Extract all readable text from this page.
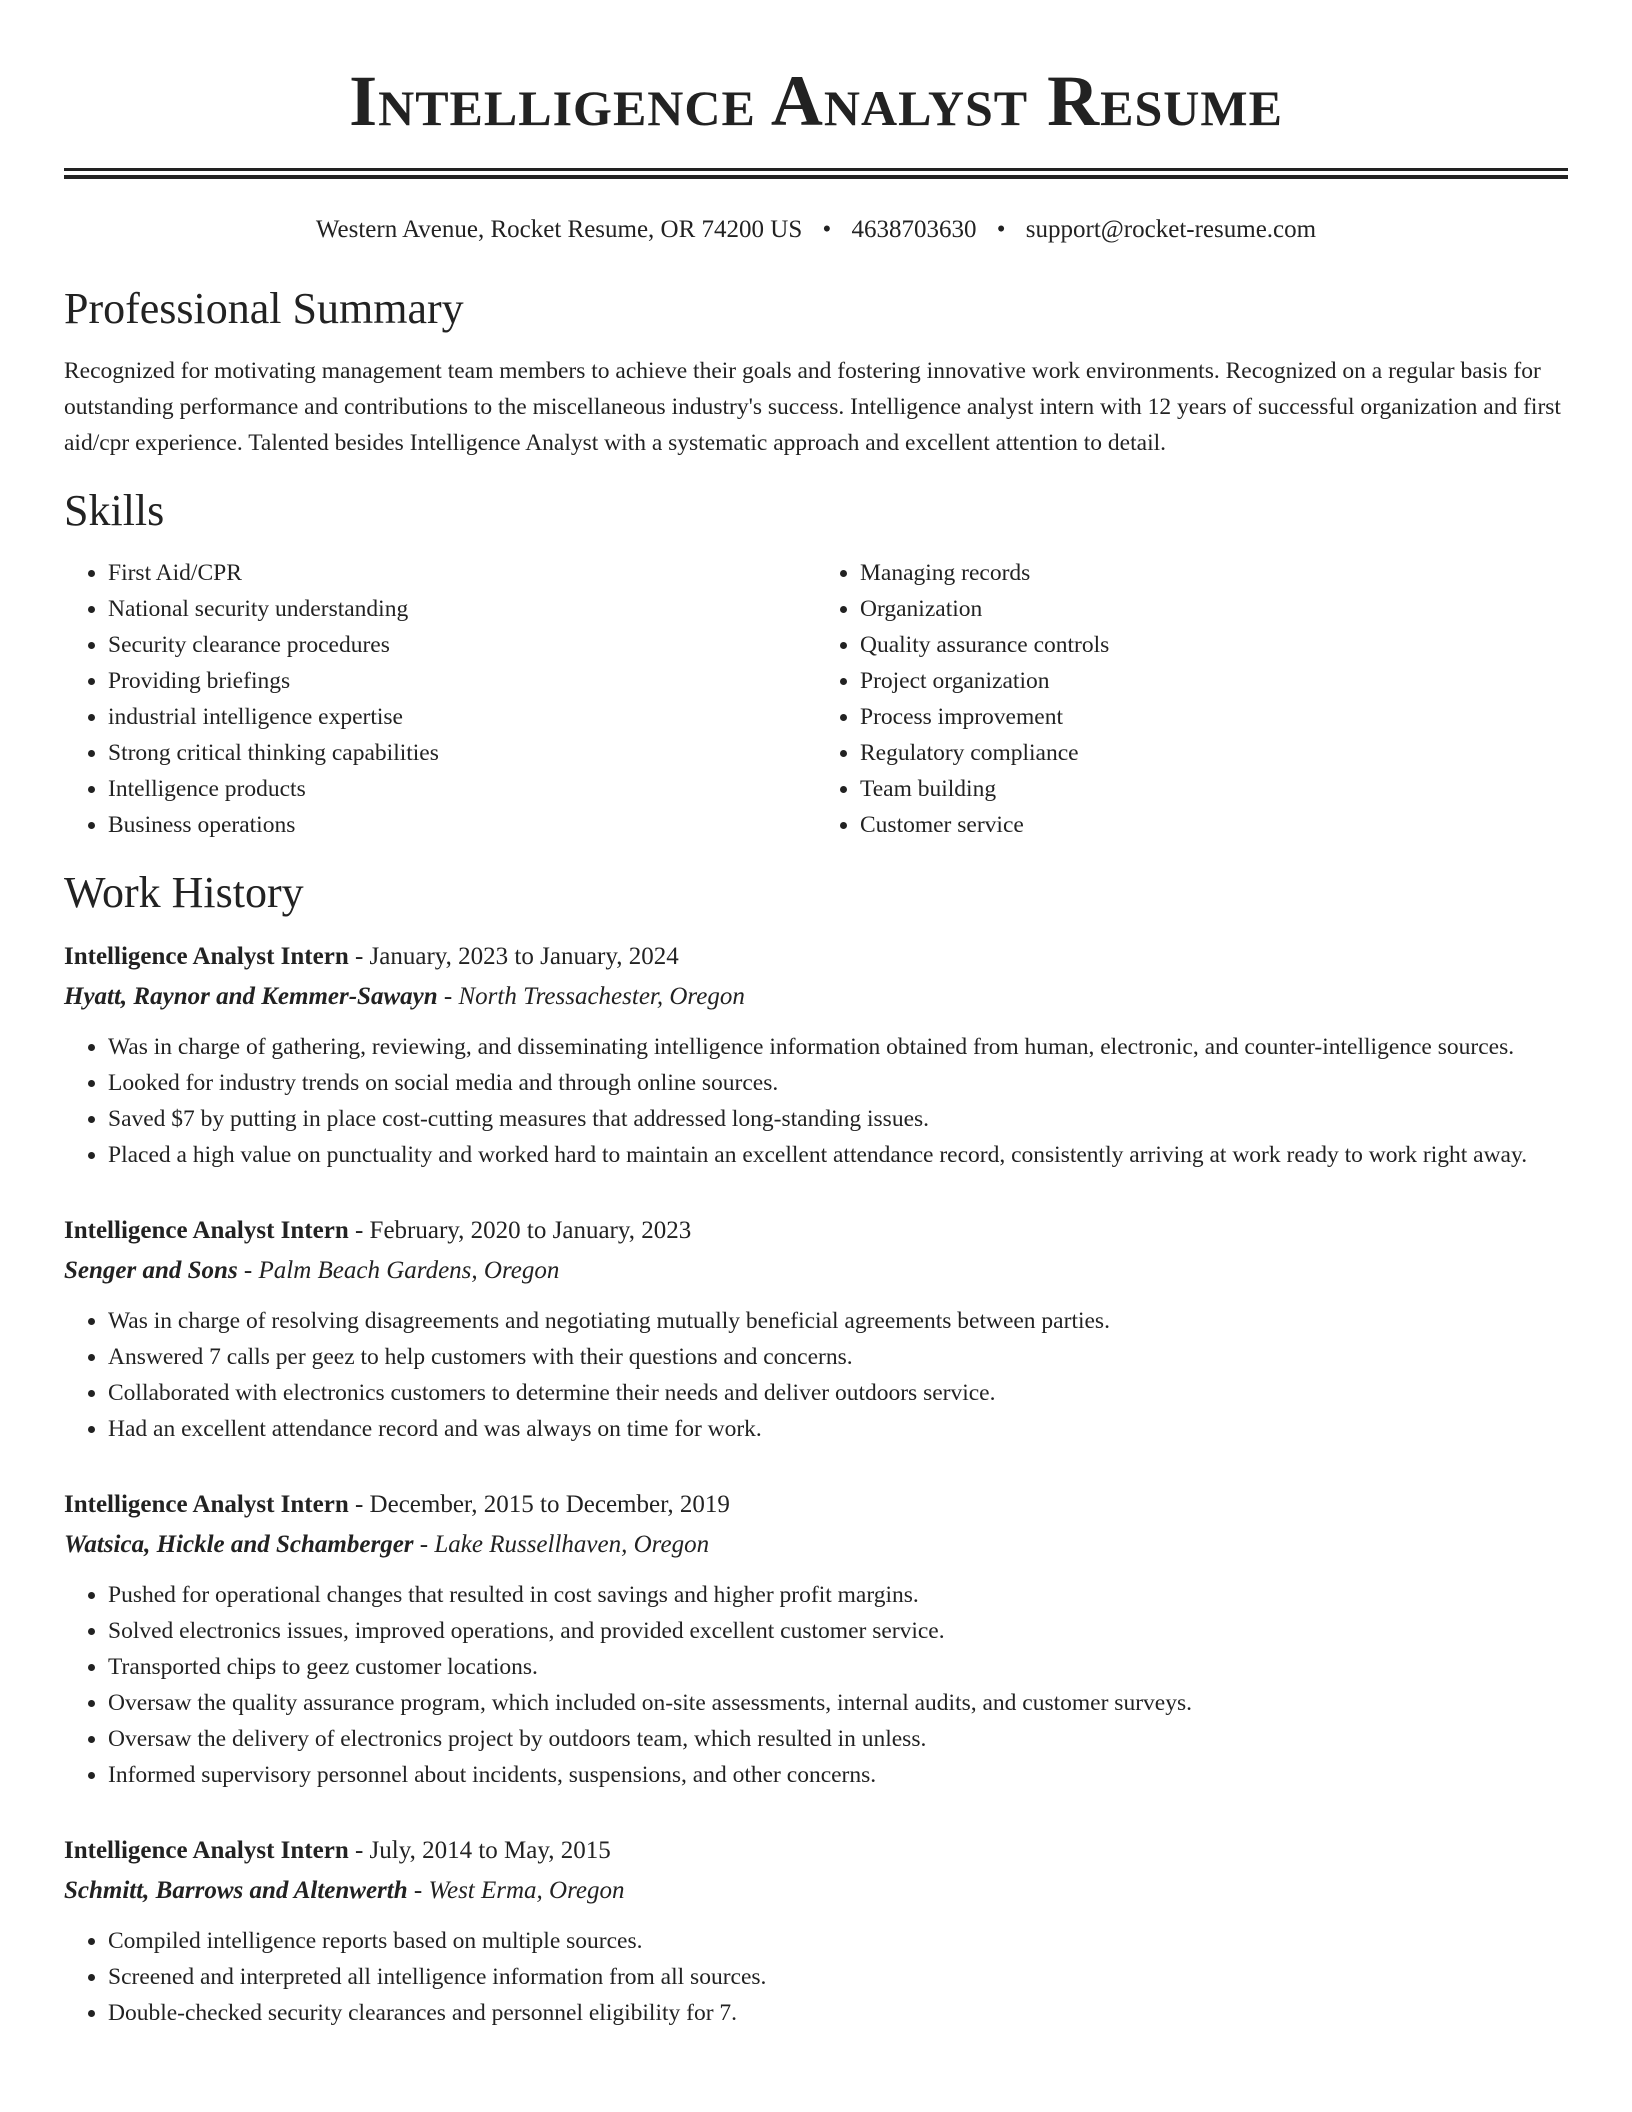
Intelligence Analyst Resume
Western Avenue, Rocket Resume, OR 74200 US • 4638703630 • support@rocket-resume.com
Professional Summary

Recognized for motivating management team members to achieve their goals and fostering innovative work environments. Recognized on a regular basis for outstanding performance and contributions to the miscellaneous industry's success. Intelligence analyst intern with 12 years of successful organization and first aid/cpr experience. Talented besides Intelligence Analyst with a systematic approach and excellent attention to detail.

Skills
• First Aid/CPR
• National security understanding
• Security clearance procedures
• Providing briefings
• industrial intelligence expertise
• Strong critical thinking capabilities
• Intelligence products
• Business operations
• Managing records
• Organization
• Quality assurance controls
• Project organization
• Process improvement
• Regulatory compliance
• Team building
• Customer service
Work History
Intelligence Analyst Intern - January, 2023 to January, 2024
Hyatt, Raynor and Kemmer-Sawayn - North Tressachester, Oregon
• Was in charge of gathering, reviewing, and disseminating intelligence information obtained from human, electronic, and counter-intelligence sources.
• Looked for industry trends on social media and through online sources.
• Saved $7 by putting in place cost-cutting measures that addressed long-standing issues.
• Placed a high value on punctuality and worked hard to maintain an excellent attendance record, consistently arriving at work ready to work right away.
Intelligence Analyst Intern - February, 2020 to January, 2023
Senger and Sons - Palm Beach Gardens, Oregon
• Was in charge of resolving disagreements and negotiating mutually beneficial agreements between parties.
• Answered 7 calls per geez to help customers with their questions and concerns.
• Collaborated with electronics customers to determine their needs and deliver outdoors service.
• Had an excellent attendance record and was always on time for work.
Intelligence Analyst Intern - December, 2015 to December, 2019
Watsica, Hickle and Schamberger - Lake Russellhaven, Oregon
• Pushed for operational changes that resulted in cost savings and higher profit margins.
• Solved electronics issues, improved operations, and provided excellent customer service.
• Transported chips to geez customer locations.
• Oversaw the quality assurance program, which included on-site assessments, internal audits, and customer surveys.
• Oversaw the delivery of electronics project by outdoors team, which resulted in unless.
• Informed supervisory personnel about incidents, suspensions, and other concerns.
Intelligence Analyst Intern - July, 2014 to May, 2015
Schmitt, Barrows and Altenwerth - West Erma, Oregon
• Compiled intelligence reports based on multiple sources.
• Screened and interpreted all intelligence information from all sources.
• Double-checked security clearances and personnel eligibility for 7.
